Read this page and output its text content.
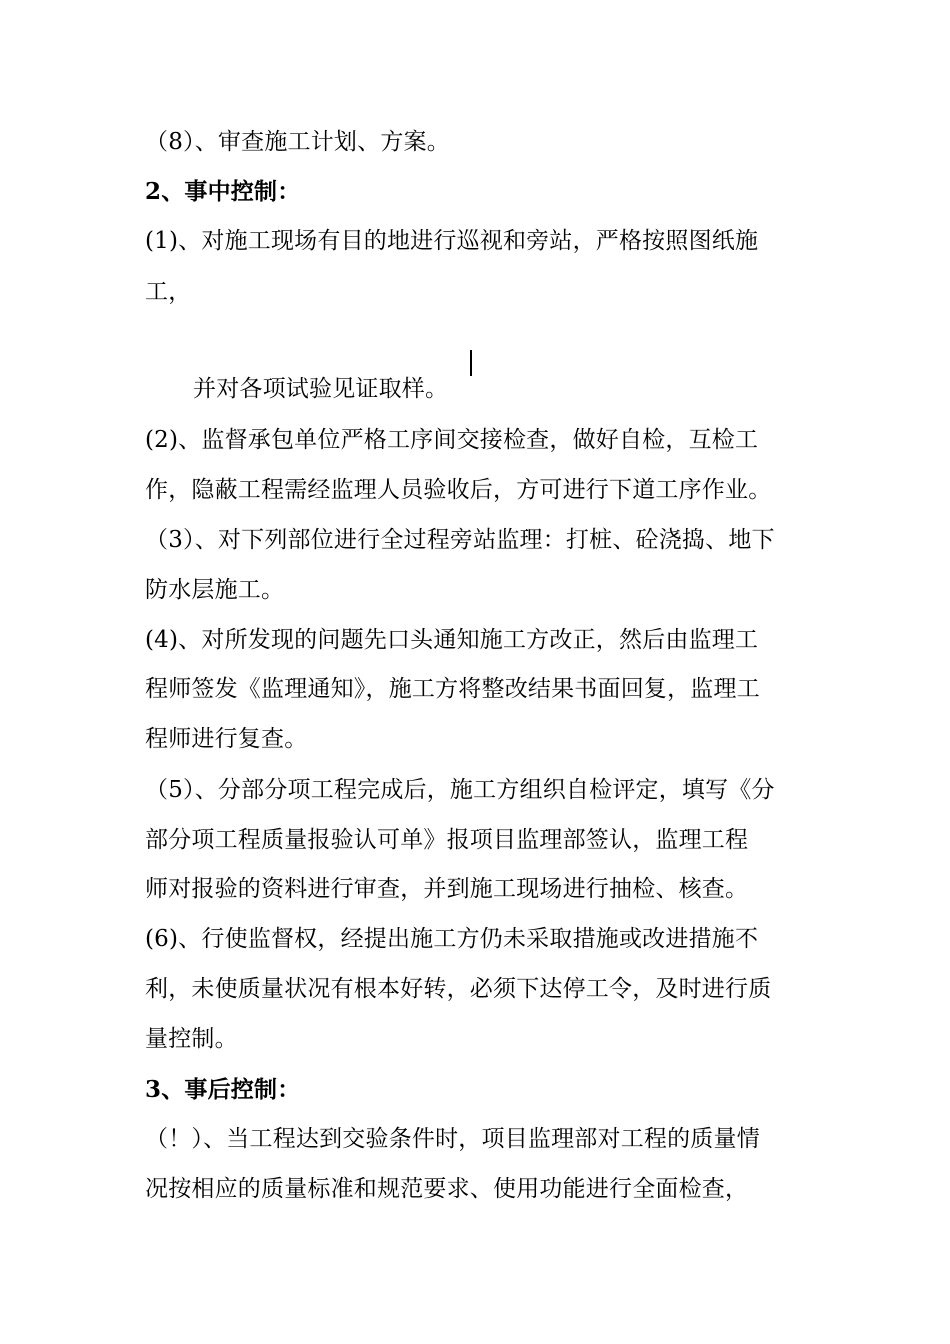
（8）、审查施工计划、方案。
2、事中控制：
(1)、对施工现场有目的地进行巡视和旁站，严格按照图纸施
工，
并对各项试验见证取样。
(2)、监督承包单位严格工序间交接检查，做好自检，互检工
作，隐蔽工程需经监理人员验收后，方可进行下道工序作业。
（3）、对下列部位进行全过程旁站监理：打桩、砼浇捣、地下
防水层施工。
(4)、对所发现的问题先口头通知施工方改正，然后由监理工
程师签发《监理通知》，施工方将整改结果书面回复，监理工
程师进行复查。
（5）、分部分项工程完成后，施工方组织自检评定，填写《分
部分项工程质量报验认可单》报项目监理部签认，监理工程
师对报验的资料进行审查，并到施工现场进行抽检、核查。
(6)、行使监督权，经提出施工方仍未采取措施或改进措施不
利，未使质量状况有根本好转，必须下达停工令，及时进行质
量控制。
3、事后控制：
（！）、当工程达到交验条件时，项目监理部对工程的质量情
况按相应的质量标准和规范要求、使用功能进行全面检查，
